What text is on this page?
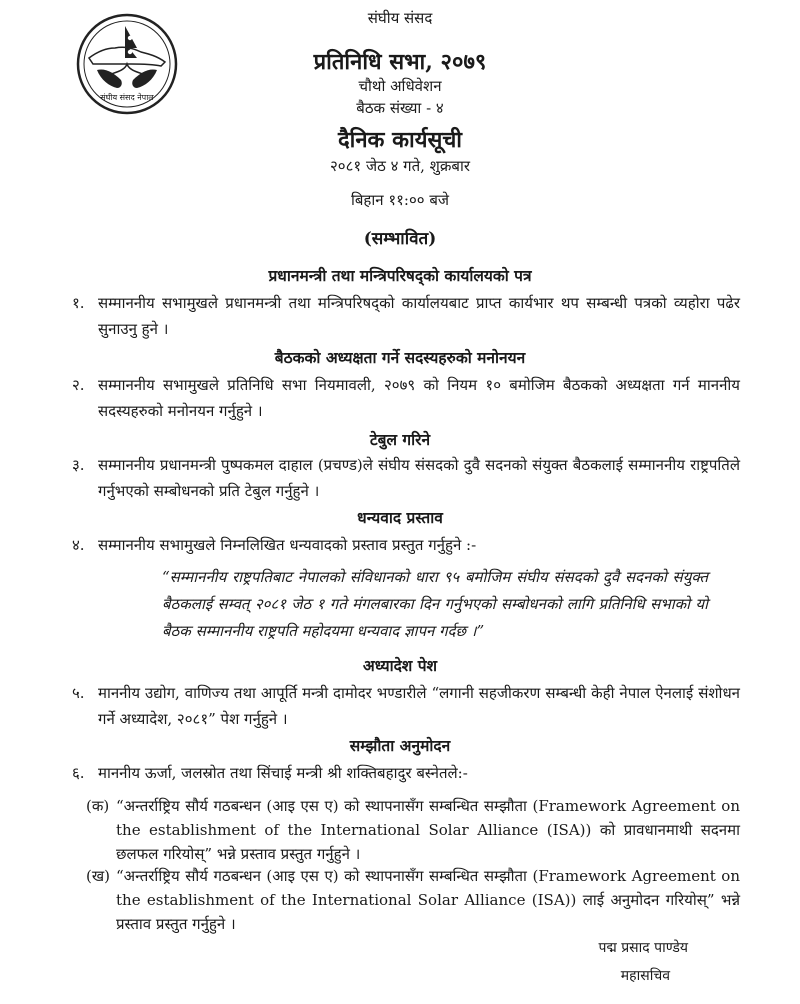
संघीय संसद नेपाल
संघीय संसद
प्रतिनिधि सभा, २०७९
चौथो अधिवेशन
बैठक संख्या - ४
दैनिक कार्यसूची
२०८१ जेठ ४ गते, शुक्रबार
बिहान ११:०० बजे
(सम्भावित)
प्रधानमन्त्री तथा मन्त्रिपरिषद्को कार्यालयको पत्र
१. सम्माननीय सभामुखले प्रधानमन्त्री तथा मन्त्रिपरिषद्को कार्यालयबाट प्राप्त कार्यभार थप सम्बन्धी पत्रको व्यहोरा पढेर सुनाउनु हुने ।
बैठकको अध्यक्षता गर्ने सदस्यहरुको मनोनयन
२. सम्माननीय सभामुखले प्रतिनिधि सभा नियमावली, २०७९ को नियम १० बमोजिम बैठकको अध्यक्षता गर्न माननीय सदस्यहरुको मनोनयन गर्नुहुने ।
टेबुल गरिने
३. सम्माननीय प्रधानमन्त्री पुष्पकमल दाहाल (प्रचण्ड)ले संघीय संसदको दुवै सदनको संयुक्त बैठकलाई सम्माननीय राष्ट्रपतिले गर्नुभएको सम्बोधनको प्रति टेबुल गर्नुहुने ।
धन्यवाद प्रस्ताव
४. सम्माननीय सभामुखले निम्नलिखित धन्यवादको प्रस्ताव प्रस्तुत गर्नुहुने :-
“सम्माननीय राष्ट्रपतिबाट नेपालको संविधानको धारा ९५ बमोजिम संघीय संसदको दुवै सदनको संयुक्त बैठकलाई सम्वत् २०८१ जेठ १ गते मंगलबारका दिन गर्नुभएको सम्बोधनको लागि प्रतिनिधि सभाको यो बैठक सम्माननीय राष्ट्रपति महोदयमा धन्यवाद ज्ञापन गर्दछ ।”
अध्यादेश पेश
५. माननीय उद्योग, वाणिज्य तथा आपूर्ति मन्त्री दामोदर भण्डारीले “लगानी सहजीकरण सम्बन्धी केही नेपाल ऐनलाई संशोधन गर्ने अध्यादेश, २०८१” पेश गर्नुहुने ।
सम्झौता अनुमोदन
६. माननीय ऊर्जा, जलस्रोत तथा सिंचाई मन्त्री श्री शक्तिबहादुर बस्नेतले:-
(क) “अन्तर्राष्ट्रिय सौर्य गठबन्धन (आइ एस ए) को स्थापनासँग सम्बन्धित सम्झौता (Framework Agreement on the establishment of the International Solar Alliance (ISA)) को प्रावधानमाथी सदनमा छलफल गरियोस्” भन्ने प्रस्ताव प्रस्तुत गर्नुहुने ।
(ख) “अन्तर्राष्ट्रिय सौर्य गठबन्धन (आइ एस ए) को स्थापनासँग सम्बन्धित सम्झौता (Framework Agreement on the establishment of the International Solar Alliance (ISA)) लाई अनुमोदन गरियोस्” भन्ने प्रस्ताव प्रस्तुत गर्नुहुने ।
पद्म प्रसाद पाण्डेय
महासचिव
